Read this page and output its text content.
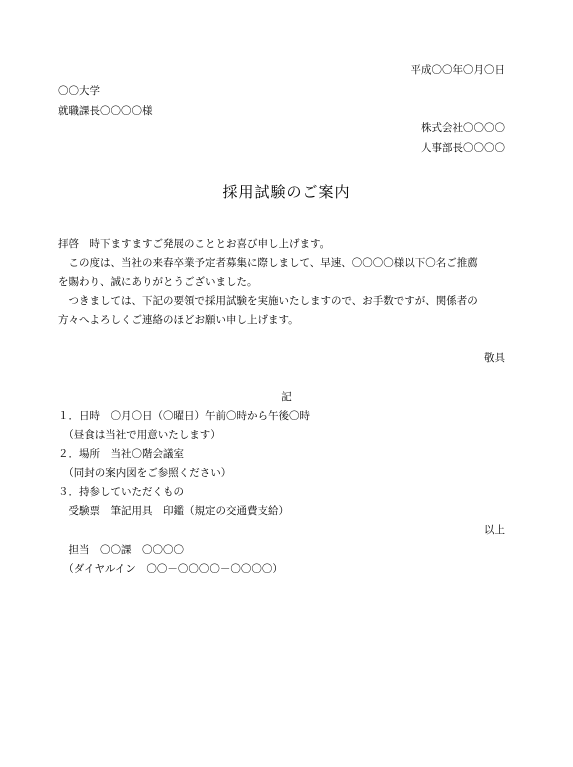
平成〇〇年〇月〇日
〇〇大学
就職課長〇〇〇〇様
株式会社〇〇〇〇
人事部長〇〇〇〇
採用試験のご案内
拝啓　時下ますますご発展のこととお喜び申し上げます。
　この度は、当社の来春卒業予定者募集に際しまして、早速、〇〇〇〇様以下〇名ご推薦
を賜わり、誠にありがとうございました。
　つきましては、下記の要領で採用試験を実施いたしますので、お手数ですが、関係者の
方々へよろしくご連絡のほどお願い申し上げます。
敬具
記
１．日時　〇月〇日（〇曜日）午前〇時から午後〇時
　（昼食は当社で用意いたします）
２．場所　当社〇階会議室
　（同封の案内図をご参照ください）
３．持参していただくもの
　受験票　筆記用具　印鑑（規定の交通費支給）
以上
　担当　〇〇課　〇〇〇〇
　（ダイヤルイン　〇〇－〇〇〇〇－〇〇〇〇）
